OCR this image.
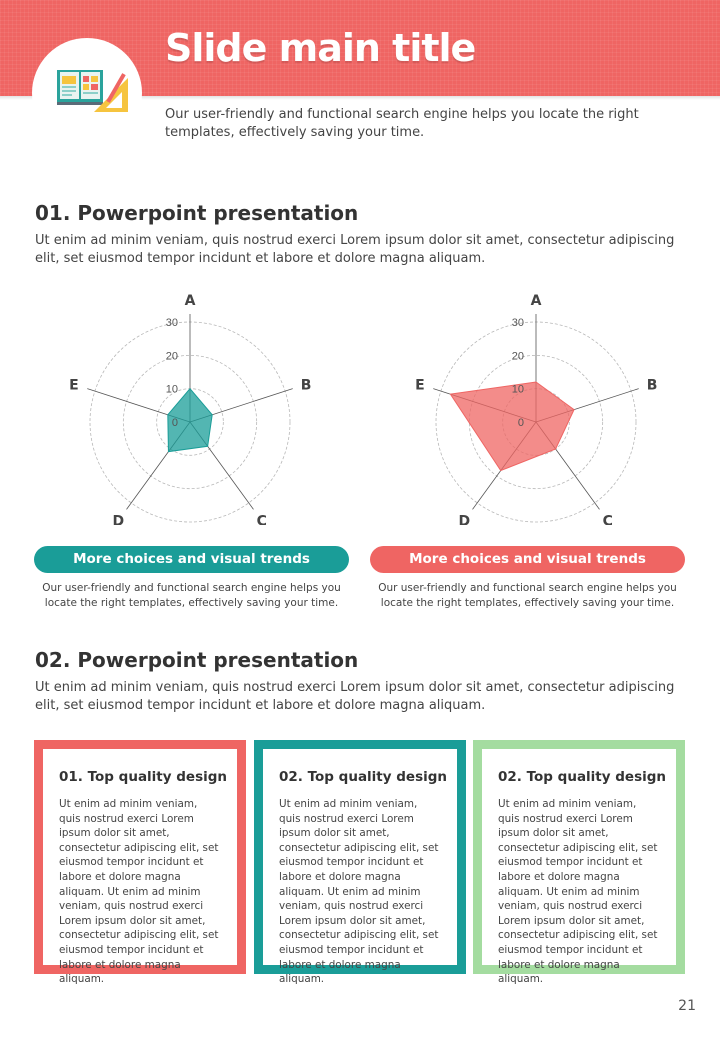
Slide main title
Our user-friendly and functional search engine helps you locate the right templates, effectively saving your time.
01. Powerpoint presentation
Ut enim ad minim veniam, quis nostrud exerci Lorem ipsum dolor sit amet, consectetur adipiscing elit, set eiusmod tempor incidunt et labore et dolore magna aliquam.
0
10
20
30
A
B
C
D
E
0
10
20
30
A
B
C
D
E
More choices and visual trends	More choices and visual trends
Our user-friendly and functional search engine helps you locate the right templates, effectively saving your time.
Our user-friendly and functional search engine helps you locate the right templates, effectively saving your time.
02. Powerpoint presentation
Ut enim ad minim veniam, quis nostrud exerci Lorem ipsum dolor sit amet, consectetur adipiscing elit, set eiusmod tempor incidunt et labore et dolore magna aliquam.
01. Top quality design
Ut enim ad minim veniam, quis nostrud exerci Lorem ipsum dolor sit amet, consectetur adipiscing elit, set eiusmod tempor incidunt et labore et dolore magna aliquam. Ut enim ad minim veniam, quis nostrud exerci Lorem ipsum dolor sit amet, consectetur adipiscing elit, set eiusmod tempor incidunt et labore et dolore magna aliquam.
02. Top quality design
Ut enim ad minim veniam, quis nostrud exerci Lorem ipsum dolor sit amet, consectetur adipiscing elit, set eiusmod tempor incidunt et labore et dolore magna aliquam. Ut enim ad minim veniam, quis nostrud exerci Lorem ipsum dolor sit amet, consectetur adipiscing elit, set eiusmod tempor incidunt et labore et dolore magna aliquam.
02. Top quality design
Ut enim ad minim veniam, quis nostrud exerci Lorem ipsum dolor sit amet, consectetur adipiscing elit, set eiusmod tempor incidunt et labore et dolore magna aliquam. Ut enim ad minim veniam, quis nostrud exerci Lorem ipsum dolor sit amet, consectetur adipiscing elit, set eiusmod tempor incidunt et labore et dolore magna aliquam.
21
